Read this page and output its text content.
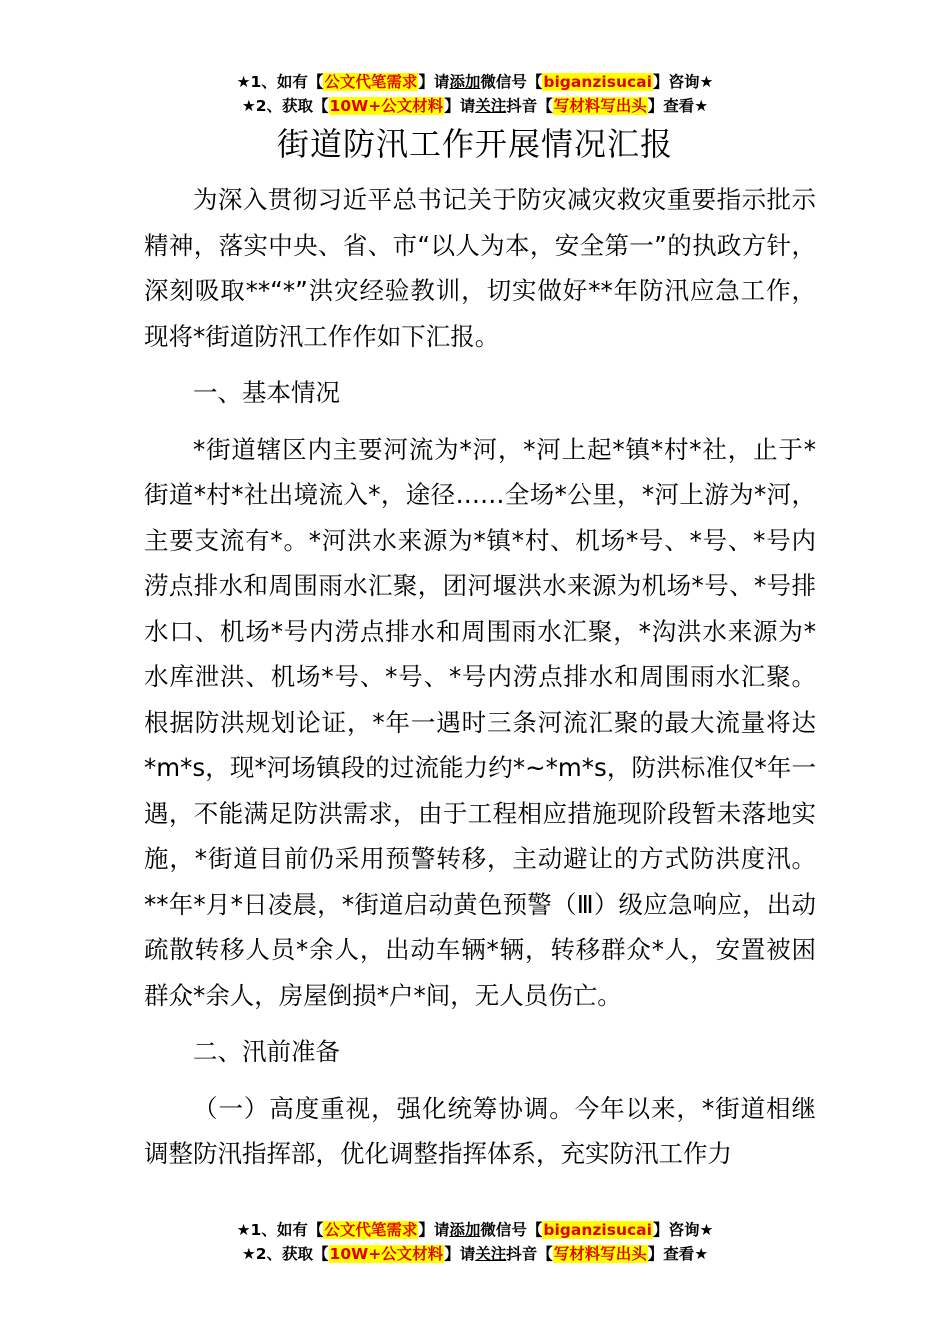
★1、如有【公文代笔需求】请添加微信号【biganzisucai】咨询★
★2、获取【10W+公文材料】请关注抖音【写材料写出头】查看★
街道防汛工作开展情况汇报

为深入贯彻习近平总书记关于防灾减灾救灾重要指示批示精神，落实中央、省、市“以人为本，安全第一”的执政方针，深刻吸取**“*”洪灾经验教训，切实做好**年防汛应急工作，现将*街道防汛工作作如下汇报。

一、基本情况

*街道辖区内主要河流为*河，*河上起*镇*村*社，止于*街道*村*社出境流入*，途径……全场*公里，*河上游为*河，主要支流有*。*河洪水来源为*镇*村、机场*号、*号、*号内涝点排水和周围雨水汇聚，团河堰洪水来源为机场*号、*号排水口、机场*号内涝点排水和周围雨水汇聚，*沟洪水来源为*水库泄洪、机场*号、*号、*号内涝点排水和周围雨水汇聚。根据防洪规划论证，*年一遇时三条河流汇聚的最大流量将达*m*s，现*河场镇段的过流能力约*~*m*s，防洪标准仅*年一遇，不能满足防洪需求，由于工程相应措施现阶段暂未落地实施，*街道目前仍采用预警转移，主动避让的方式防洪度汛。**年*月*日凌晨，*街道启动黄色预警（Ⅲ）级应急响应，出动疏散转移人员*余人，出动车辆*辆，转移群众*人，安置被困群众*余人，房屋倒损*户*间，无人员伤亡。

二、汛前准备

（一）高度重视，强化统筹协调。今年以来，*街道相继调整防汛指挥部，优化调整指挥体系，充实防汛工作力

★1、如有【公文代笔需求】请添加微信号【biganzisucai】咨询★
★2、获取【10W+公文材料】请关注抖音【写材料写出头】查看★
